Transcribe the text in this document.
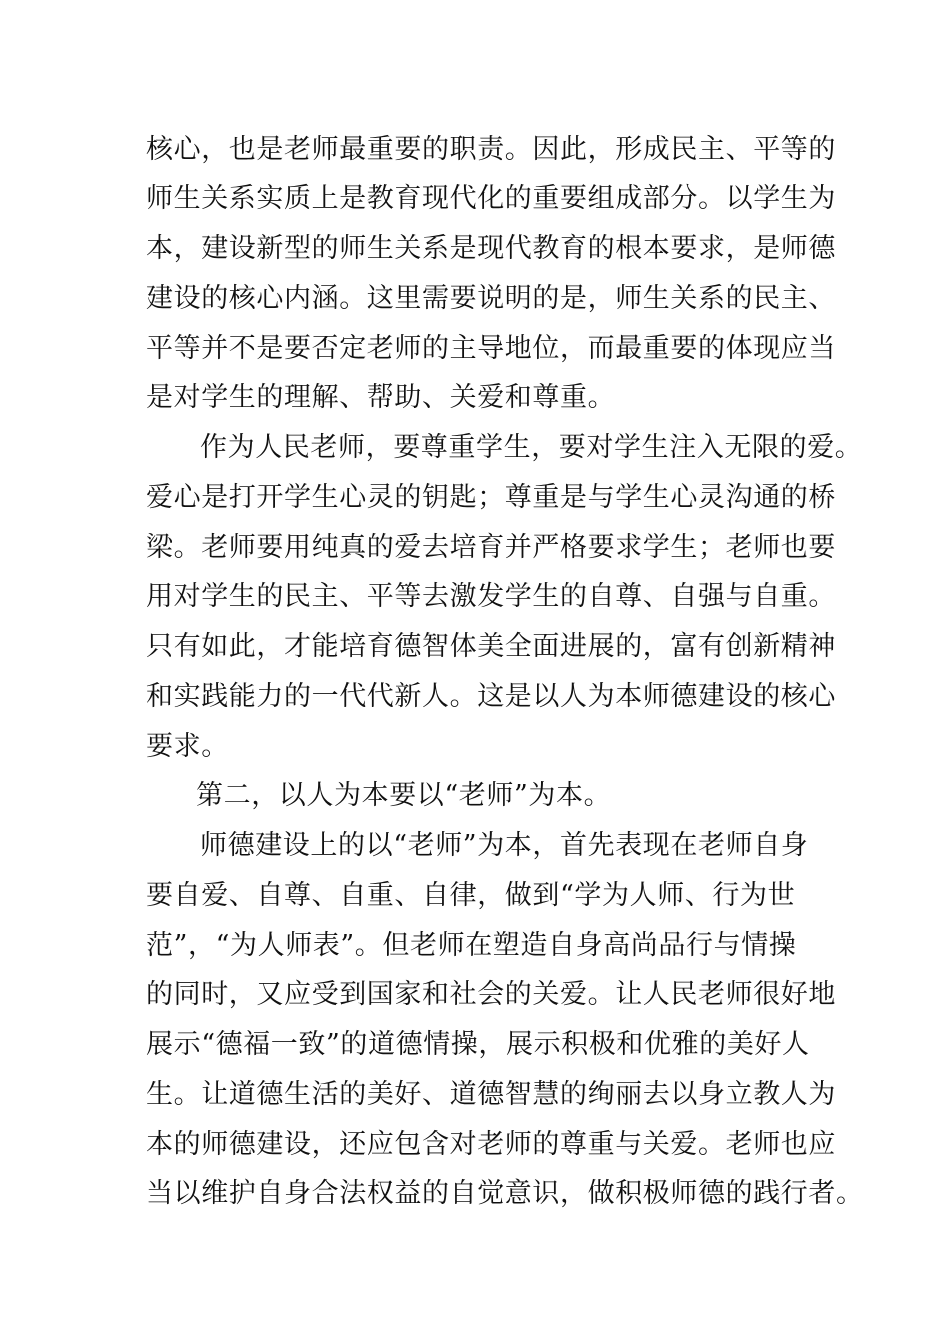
核心，也是老师最重要的职责。因此，形成民主、平等的
师生关系实质上是教育现代化的重要组成部分。以学生为
本，建设新型的师生关系是现代教育的根本要求，是师德
建设的核心内涵。这里需要说明的是，师生关系的民主、
平等并不是要否定老师的主导地位，而最重要的体现应当
是对学生的理解、帮助、关爱和尊重。
作为人民老师，要尊重学生，要对学生注入无限的爱。
爱心是打开学生心灵的钥匙；尊重是与学生心灵沟通的桥
梁。老师要用纯真的爱去培育并严格要求学生；老师也要
用对学生的民主、平等去激发学生的自尊、自强与自重。
只有如此，才能培育德智体美全面进展的，富有创新精神
和实践能力的一代代新人。这是以人为本师德建设的核心
要求。
第二，以人为本要以“老师”为本。
师德建设上的以“老师”为本，首先表现在老师自身
要自爱、自尊、自重、自律，做到“学为人师、行为世
范”，“为人师表”。但老师在塑造自身高尚品行与情操
的同时，又应受到国家和社会的关爱。让人民老师很好地
展示“德福一致”的道德情操，展示积极和优雅的美好人
生。让道德生活的美好、道德智慧的绚丽去以身立教人为
本的师德建设，还应包含对老师的尊重与关爱。老师也应
当以维护自身合法权益的自觉意识，做积极师德的践行者。
